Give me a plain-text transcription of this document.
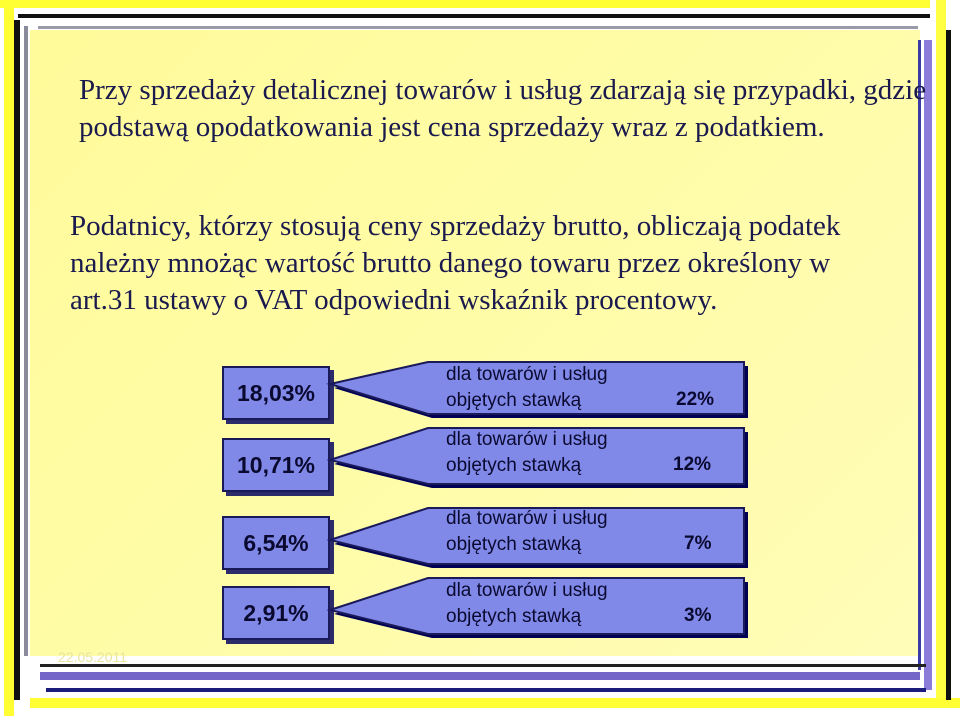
Przy sprzedaży detalicznej towarów i usług zdarzają się przypadki, gdzie podstawą opodatkowania jest cena sprzedaży wraz z podatkiem.

Podatnicy, którzy stosują ceny sprzedaży brutto, obliczają podatek należny mnożąc wartość brutto danego towaru przez określony w art.31 ustawy o VAT odpowiedni wskaźnik procentowy.

18,03%
dla towarów i usług
objętych stawką	22%
10,71%
dla towarów i usług
objętych stawką	12%
6,54%
dla towarów i usług
objętych stawką	7%
2,91%
dla towarów i usług
objętych stawką	3%
22.05.2011
